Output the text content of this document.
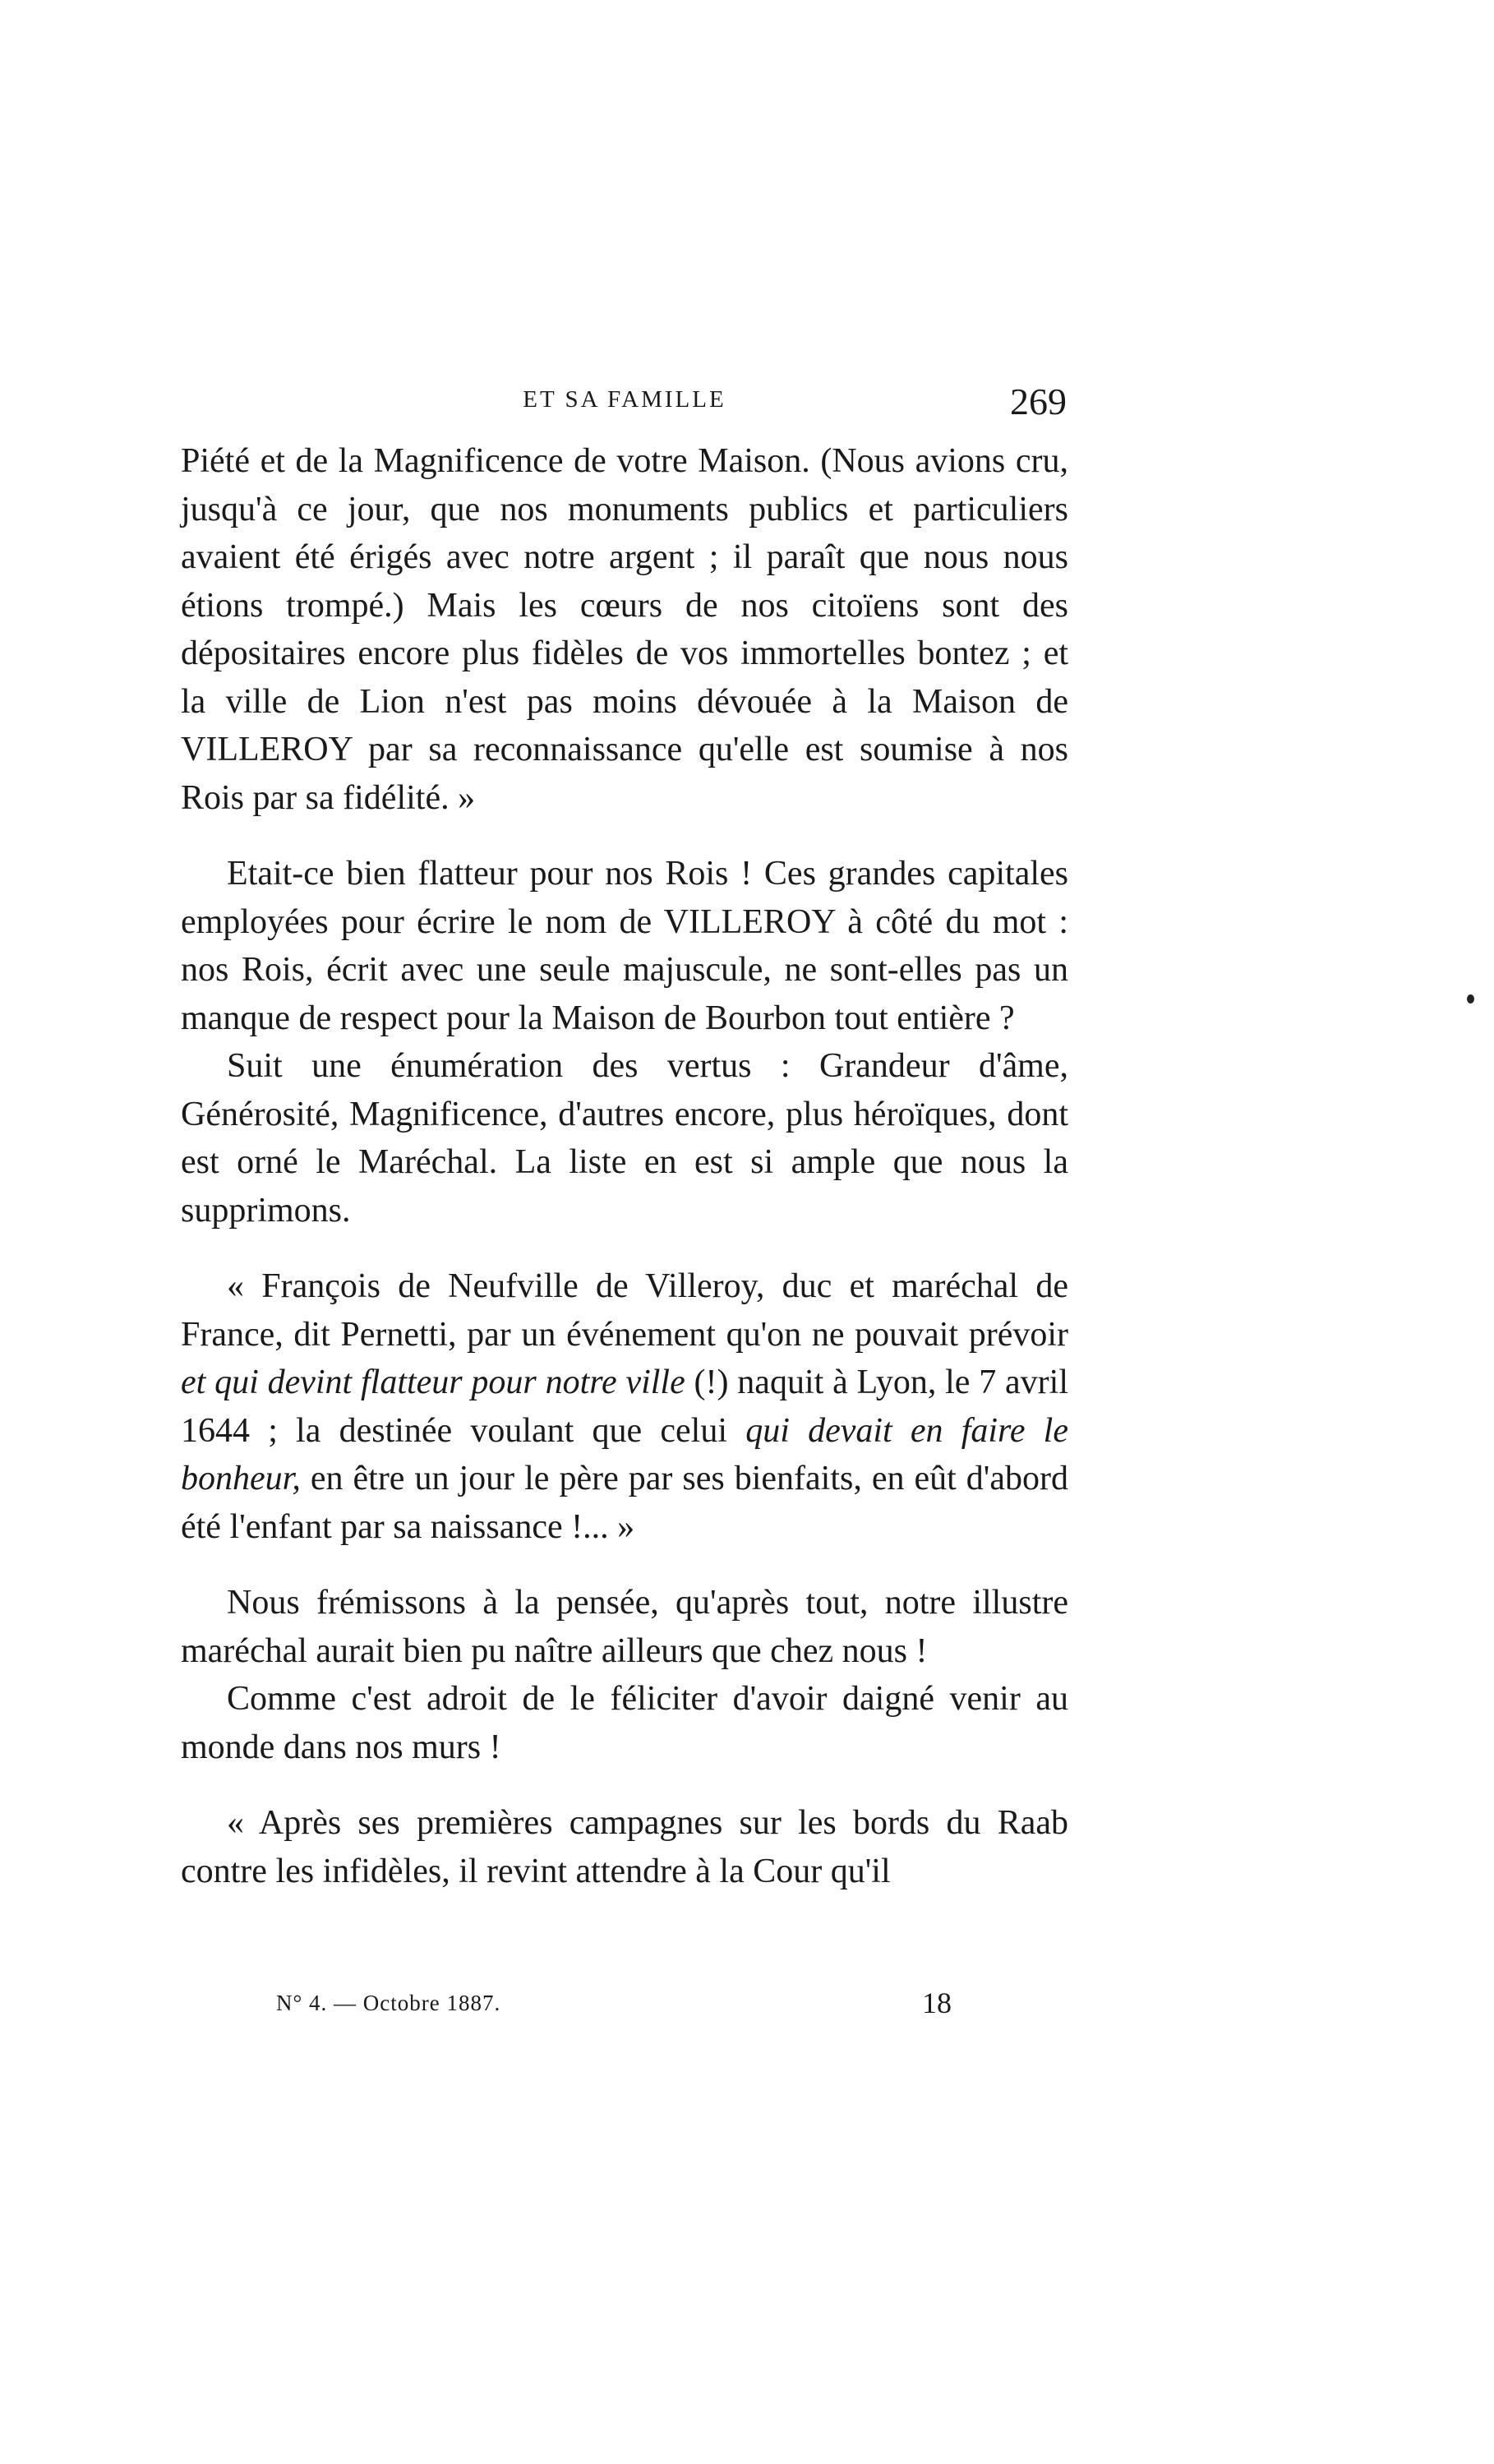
ET SA FAMILLE	269

Piété et de la Magnificence de votre Maison. (Nous avions cru, jusqu'à ce jour, que nos monuments publics et particuliers avaient été érigés avec notre argent ; il paraît que nous nous étions trompé.) Mais les cœurs de nos citoïens sont des dépositaires encore plus fidèles de vos immortelles bontez ; et la ville de Lion n'est pas moins dévouée à la Maison de VILLEROY par sa reconnaissance qu'elle est soumise à nos Rois par sa fidélité. »

Etait-ce bien flatteur pour nos Rois ! Ces grandes capitales employées pour écrire le nom de VILLEROY à côté du mot : nos Rois, écrit avec une seule majuscule, ne sont-elles pas un manque de respect pour la Maison de Bourbon tout entière ?

Suit une énumération des vertus : Grandeur d'âme, Générosité, Magnificence, d'autres encore, plus héroïques, dont est orné le Maréchal. La liste en est si ample que nous la supprimons.

« François de Neufville de Villeroy, duc et maréchal de France, dit Pernetti, par un événement qu'on ne pouvait prévoir et qui devint flatteur pour notre ville (!) naquit à Lyon, le 7 avril 1644 ; la destinée voulant que celui qui devait en faire le bonheur, en être un jour le père par ses bienfaits, en eût d'abord été l'enfant par sa naissance !... »

Nous frémissons à la pensée, qu'après tout, notre illustre maréchal aurait bien pu naître ailleurs que chez nous !

Comme c'est adroit de le féliciter d'avoir daigné venir au monde dans nos murs !

« Après ses premières campagnes sur les bords du Raab contre les infidèles, il revint attendre à la Cour qu'il

N° 4. — Octobre 1887.	18
